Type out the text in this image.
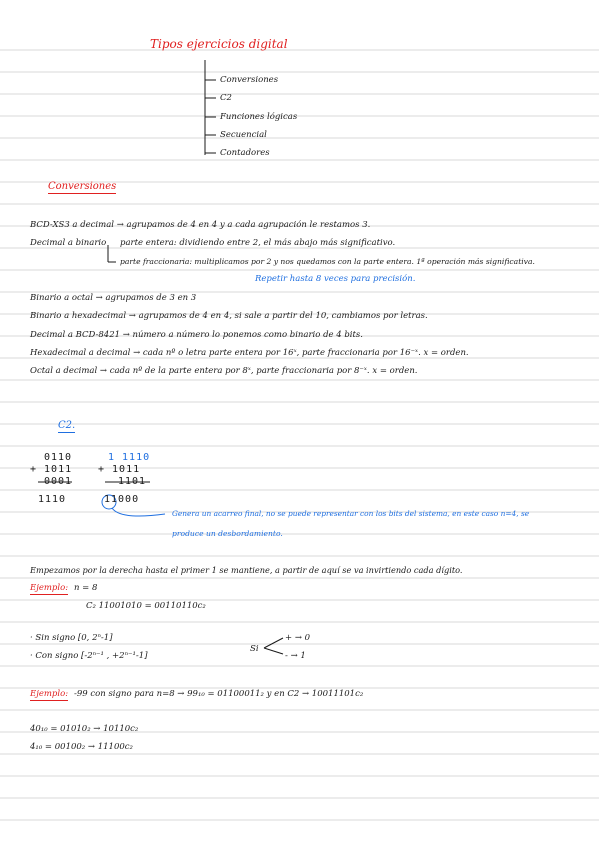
Tipos ejercicios digital
Conversiones
C2
Funciones lógicas
Secuencial
Contadores
Conversiones
BCD-XS3 a decimal → agrupamos de 4 en 4 y a cada agrupación le restamos 3.
Decimal a binario parte entera: dividiendo entre 2, el más abajo más significativo.
parte fraccionaria: multiplicamos por 2 y nos quedamos con la parte entera. 1ª operación más significativa.
Repetir hasta 8 veces para precisión.
Binario a octal → agrupamos de 3 en 3
Binario a hexadecimal → agrupamos de 4 en 4, si sale a partir del 10, cambiamos por letras.
Decimal a BCD-8421 → número a número lo ponemos como binario de 4 bits.
Hexadecimal a decimal → cada nº o letra parte entera por 16ˣ, parte fraccionaria por 16⁻ˣ. x = orden.
Octal a decimal → cada nº de la parte entera por 8ˣ, parte fraccionaria por 8⁻ˣ. x = orden.
C2.
0110
+ 1011
0001
1110
1 1110
+ 1011
1101
11000
Genera un acarreo final, no se puede representar con los bits del sistema, en este caso n=4, se
produce un desbordamiento.
Empezamos por la derecha hasta el primer 1 se mantiene, a partir de aquí se va invirtiendo cada dígito.
Ejemplo: n = 8
C₂ 11001010 = 00110110c₂
· Sin signo [0, 2ⁿ-1]
· Con signo [-2ⁿ⁻¹ , +2ⁿ⁻¹-1]
Si
+ → 0
- → 1
Ejemplo: -99 con signo para n=8 → 99₁₀ = 01100011₂ y en C2 → 10011101c₂
40₁₀ = 01010₂ → 10110c₂
4₁₀ = 00100₂ → 11100c₂
